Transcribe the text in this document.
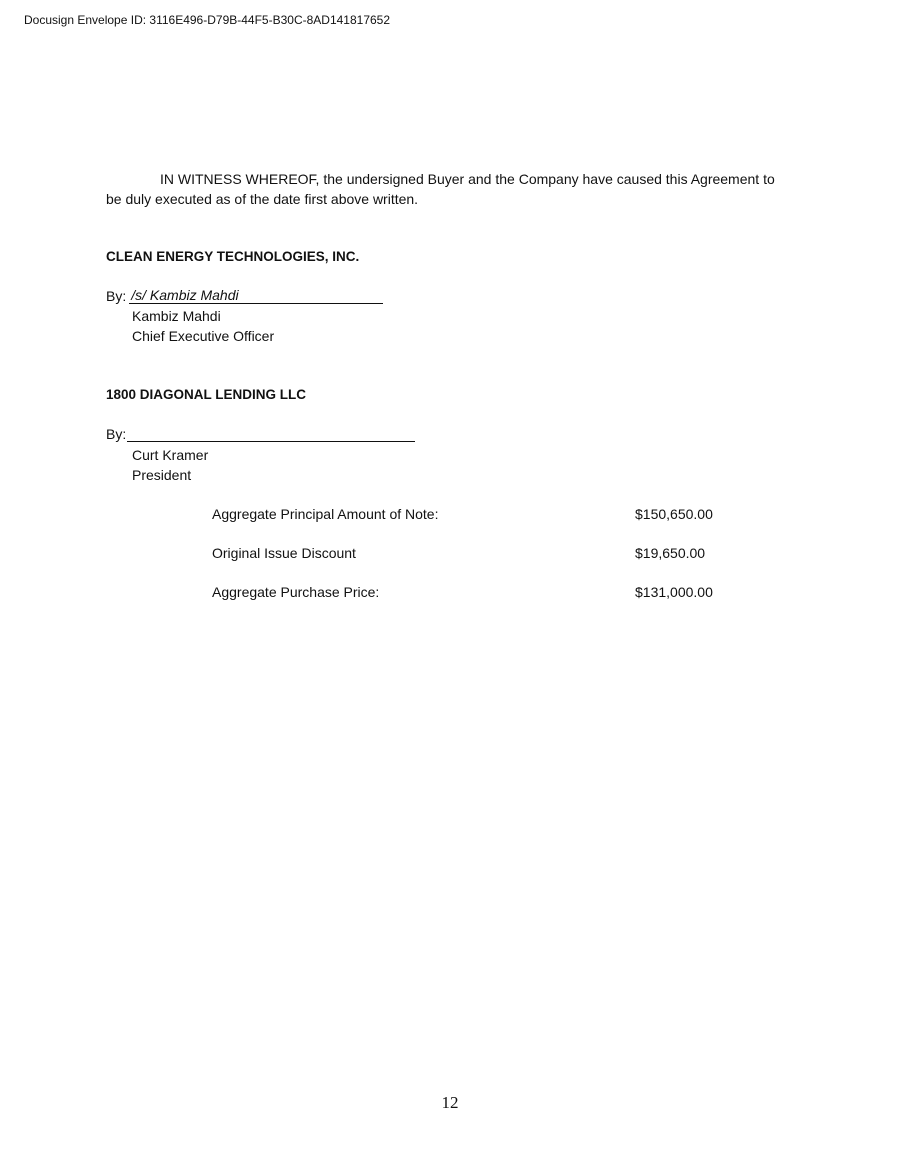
Docusign Envelope ID: 3116E496-D79B-44F5-B30C-8AD141817652
IN WITNESS WHEREOF, the undersigned Buyer and the Company have caused this Agreement to
be duly executed as of the date first above written.
CLEAN ENERGY TECHNOLOGIES, INC.
By: /s/ Kambiz Mahdi
Kambiz Mahdi
Chief Executive Officer
1800 DIAGONAL LENDING LLC
By:
Curt Kramer
President
Aggregate Principal Amount of Note:	$150,650.00
Original Issue Discount	$19,650.00
Aggregate Purchase Price:	$131,000.00
12
